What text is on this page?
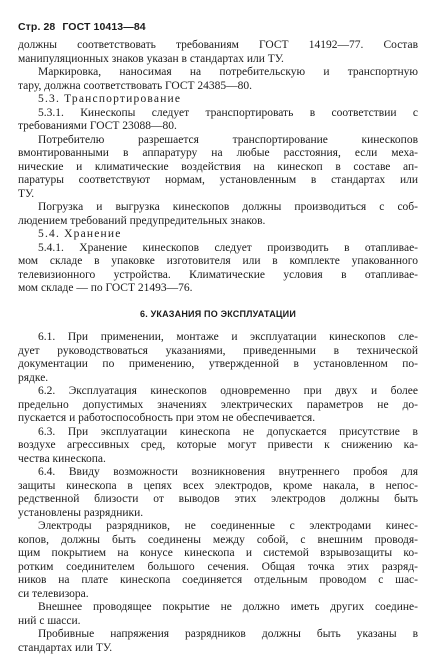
Стр. 28 ГОСТ 10413—84
должны соответствовать требованиям ГОСТ 14192—77. Состав
манипуляционных знаков указан в стандартах или ТУ.
Маркировка, наносимая на потребительскую и транспортную
тару, должна соответствовать ГОСТ 24385—80.
5.3. Транспортирование
5.3.1. Кинескопы следует транспортировать в соответствии с
требованиями ГОСТ 23088—80.
Потребителю разрешается транспортирование кинескопов
вмонтированными в аппаратуру на любые расстояния, если меха-
нические и климатические воздействия на кинескоп в составе ап-
паратуры соответствуют нормам, установленным в стандартах или
ТУ.
Погрузка и выгрузка кинескопов должны производиться с соб-
людением требований предупредительных знаков.
5.4. Хранение
5.4.1. Хранение кинескопов следует производить в отапливае-
мом складе в упаковке изготовителя или в комплекте упакованного
телевизионного устройства. Климатические условия в отапливае-
мом складе — по ГОСТ 21493—76.
6. УКАЗАНИЯ ПО ЭКСПЛУАТАЦИИ
6.1. При применении, монтаже и эксплуатации кинескопов сле-
дует руководствоваться указаниями, приведенными в технической
документации по применению, утвержденной в установленном по-
рядке.
6.2. Эксплуатация кинескопов одновременно при двух и более
предельно допустимых значениях электрических параметров не до-
пускается и работоспособность при этом не обеспечивается.
6.3. При эксплуатации кинескопа не допускается присутствие в
воздухе агрессивных сред, которые могут привести к снижению ка-
чества кинескопа.
6.4. Ввиду возможности возникновения внутреннего пробоя для
защиты кинескопа в цепях всех электродов, кроме накала, в непос-
редственной близости от выводов этих электродов должны быть
установлены разрядники.
Электроды разрядников, не соединенные с электродами кинес-
копов, должны быть соединены между собой, с внешним проводя-
щим покрытием на конусе кинескопа и системой взрывозащиты ко-
ротким соединителем большого сечения. Общая точка этих разряд-
ников на плате кинескопа соединяется отдельным проводом с шас-
си телевизора.
Внешнее проводящее покрытие не должно иметь других соедине-
ний с шасси.
Пробивные напряжения разрядников должны быть указаны в
стандартах или ТУ.
